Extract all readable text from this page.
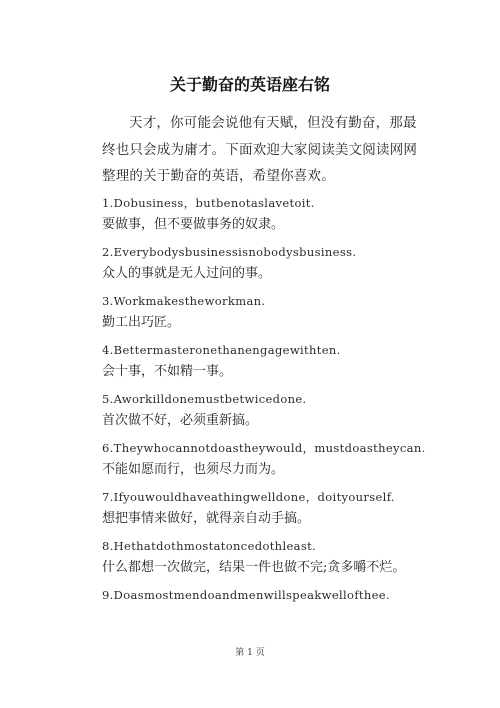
关于勤奋的英语座右铭
天才，你可能会说他有天赋，但没有勤奋，那最终也只会成为庸才。下面欢迎大家阅读美文阅读网网整理的关于勤奋的英语，希望你喜欢。
1.Dobusiness，butbenotaslavetoit.
要做事，但不要做事务的奴隶。
2.Everybodysbusinessisnobodysbusiness.
众人的事就是无人过问的事。
3.Workmakestheworkman.
勤工出巧匠。
4.Bettermasteronethanengagewithten.
会十事，不如精一事。
5.Aworkilldonemustbetwicedone.
首次做不好，必须重新搞。
6.Theywhocannotdoastheywould，mustdoastheycan.
不能如愿而行，也须尽力而为。
7.Ifyouwouldhaveathingwelldone，doityourself.
想把事情来做好，就得亲自动手搞。
8.Hethatdothmostatoncedothleast.
什么都想一次做完，结果一件也做不完;贪多嚼不烂。
9.Doasmostmendoandmenwillspeakwellofthee.
第 1 页
